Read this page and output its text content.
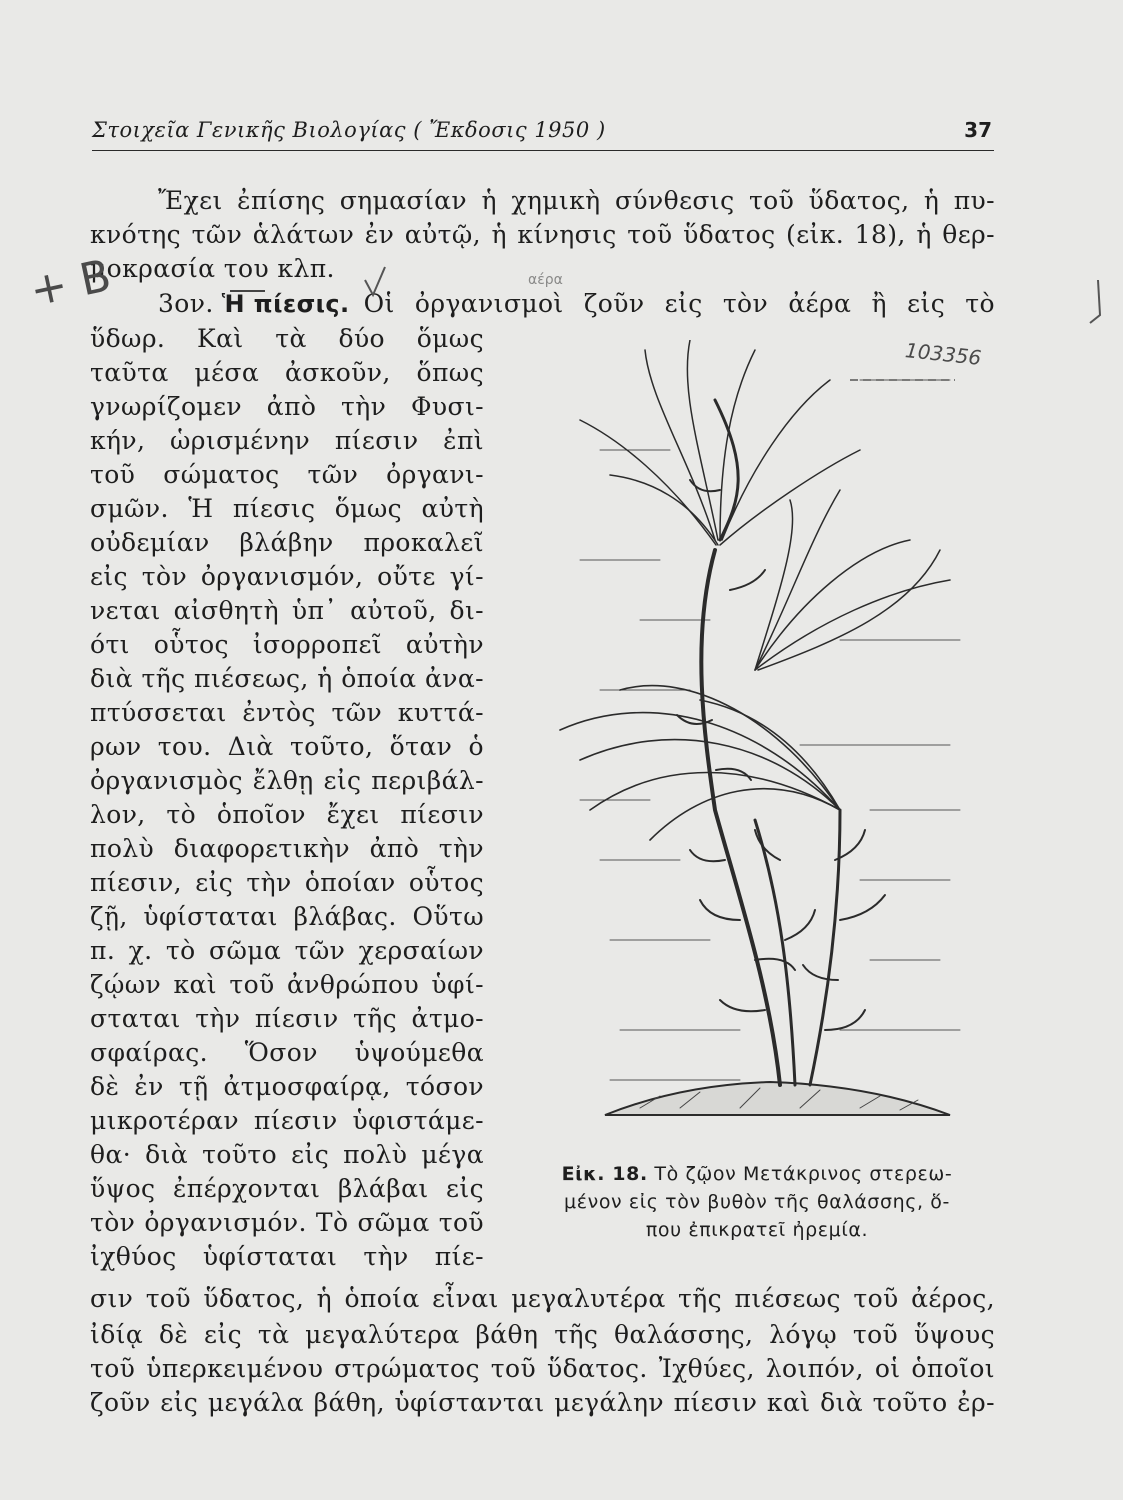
Στοιχεῖα Γενικῆς Βιολογίας ( Ἔκδοσις 1950 )	37
Ἔχει ἐπίσης σημασίαν ἡ χημικὴ σύνθεσις τοῦ ὕδατος, ἡ πυ-
κνότης τῶν ἁλάτων ἐν αὐτῷ, ἡ κίνησις τοῦ ὕδατος (εἰκ. 18), ἡ θερ-
μοκρασία του κλπ.
3ον. Ἡ πίεσις. Οἱ ὀργανισμοὶ ζοῦν εἰς τὸν ἀέρα ἢ εἰς τὸ
ὕδωρ. Καὶ τὰ δύο ὅμως
ταῦτα μέσα ἀσκοῦν, ὅπως
γνωρίζομεν ἀπὸ τὴν Φυσι-
κήν, ὡρισμένην πίεσιν ἐπὶ
τοῦ σώματος τῶν ὀργανι-
σμῶν. Ἡ πίεσις ὅμως αὐτὴ
οὐδεμίαν βλάβην προκαλεῖ
εἰς τὸν ὀργανισμόν, οὔτε γί-
νεται αἰσθητὴ ὑπ᾿ αὐτοῦ, δι-
ότι οὗτος ἰσορροπεῖ αὐτὴν
διὰ τῆς πιέσεως, ἡ ὁποία ἀνα-
πτύσσεται ἐντὸς τῶν κυττά-
ρων του. Διὰ τοῦτο, ὅταν ὁ
ὀργανισμὸς ἔλθῃ εἰς περιβάλ-
λον, τὸ ὁποῖον ἔχει πίεσιν
πολὺ διαφορετικὴν ἀπὸ τὴν
πίεσιν, εἰς τὴν ὁποίαν οὗτος
ζῇ, ὑφίσταται βλάβας. Οὕτω
π. χ. τὸ σῶμα τῶν χερσαίων
ζῴων καὶ τοῦ ἀνθρώπου ὑφί-
σταται τὴν πίεσιν τῆς ἀτμο-
σφαίρας. Ὅσον ὑψούμεθα
δὲ ἐν τῇ ἀτμοσφαίρᾳ, τόσον
μικροτέραν πίεσιν ὑφιστάμε-
θα· διὰ τοῦτο εἰς πολὺ μέγα
ὕψος ἐπέρχονται βλάβαι εἰς
τὸν ὀργανισμόν. Τὸ σῶμα τοῦ
ἰχθύος ὑφίσταται τὴν πίε-
σιν τοῦ ὕδατος, ἡ ὁποία εἶναι μεγαλυτέρα τῆς πιέσεως τοῦ ἀέρος,
ἰδίᾳ δὲ εἰς τὰ μεγαλύτερα βάθη τῆς θαλάσσης, λόγῳ τοῦ ὕψους
τοῦ ὑπερκειμένου στρώματος τοῦ ὕδατος. Ἰχθύες, λοιπόν, οἱ ὁποῖοι
ζοῦν εἰς μεγάλα βάθη, ὑφίστανται μεγάλην πίεσιν καὶ διὰ τοῦτο ἐρ-
Εἰκ. 18. Τὸ ζῷον Μετάκρινος στερεω-
μένον εἰς τὸν βυθὸν τῆς θαλάσσης, ὅ-
που ἐπικρατεῖ ἠρεμία.
+ B
103356
αέρα
